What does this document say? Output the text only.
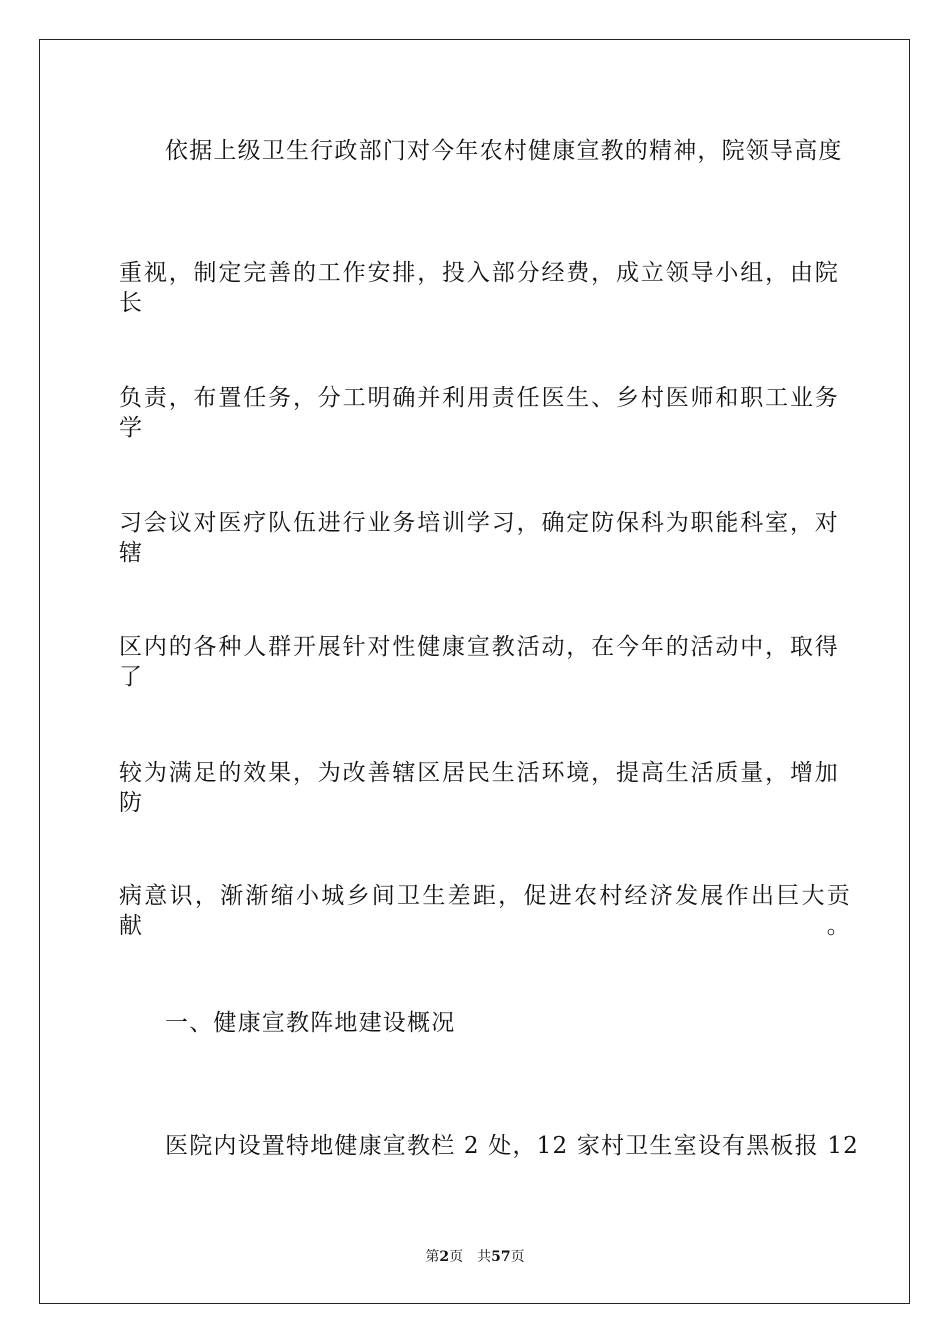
依据上级卫生行政部门对今年农村健康宣教的精神，院领导高度
重视，制定完善的工作安排，投入部分经费，成立领导小组，由院长
负责，布置任务，分工明确并利用责任医生、乡村医师和职工业务学
习会议对医疗队伍进行业务培训学习，确定防保科为职能科室，对辖
区内的各种人群开展针对性健康宣教活动，在今年的活动中，取得了
较为满足的效果，为改善辖区居民生活环境，提高生活质量，增加防
病意识，渐渐缩小城乡间卫生差距，促进农村经济发展作出巨大贡献。
一、健康宣教阵地建设概况
医院内设置特地健康宣教栏 2 处，12 家村卫生室设有黑板报 12
第2页 共57页
